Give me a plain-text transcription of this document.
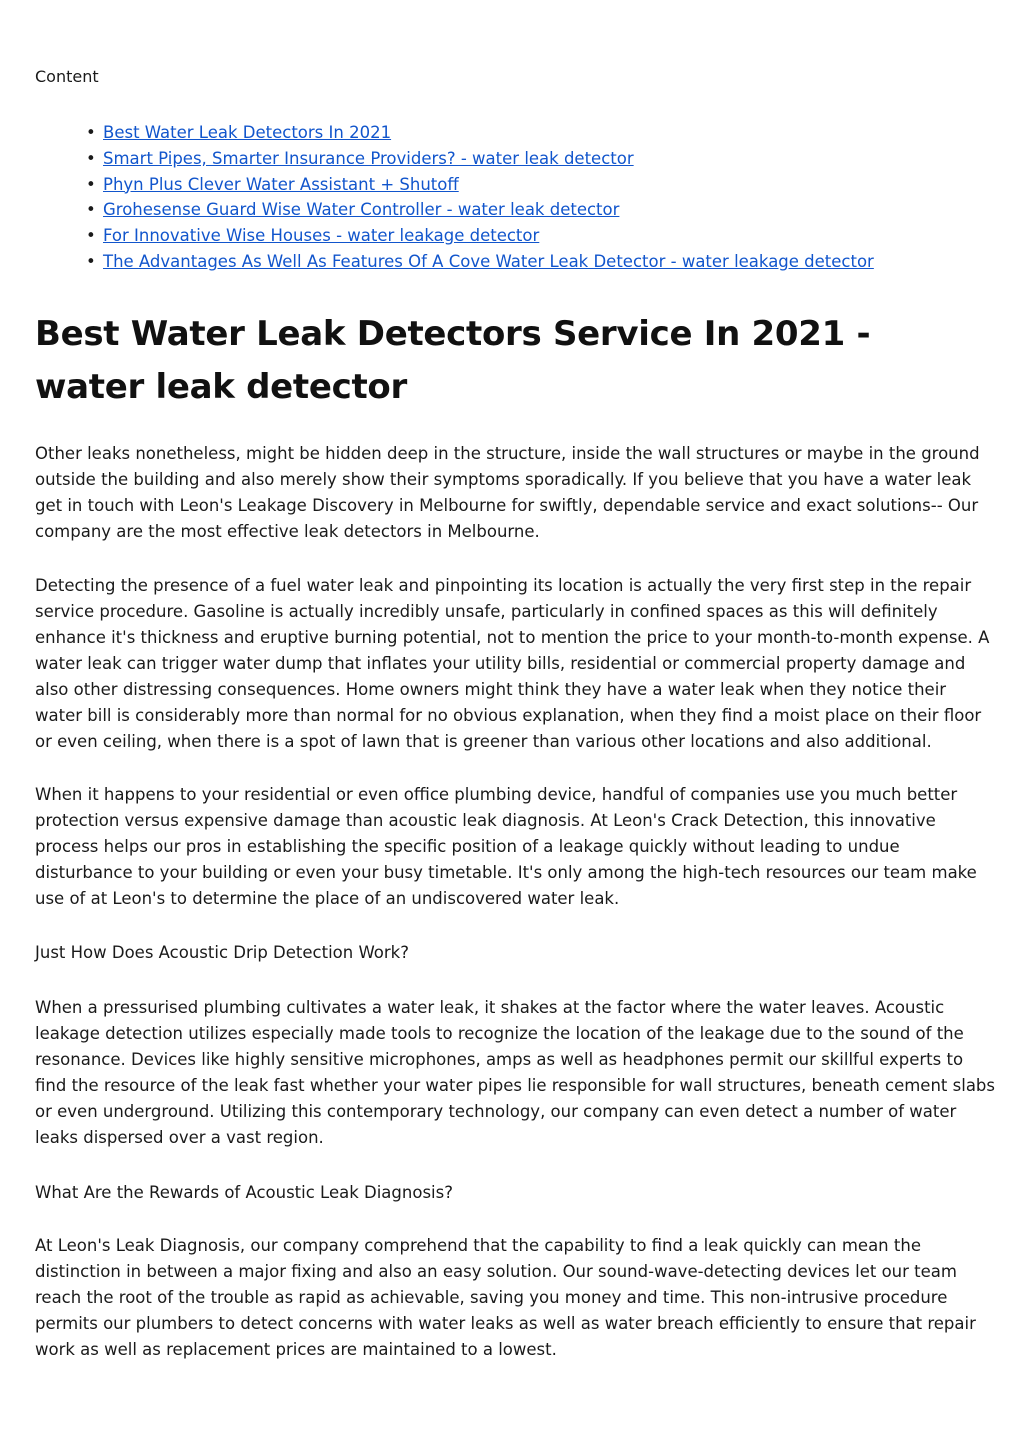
Content

• Best Water Leak Detectors In 2021
• Smart Pipes, Smarter Insurance Providers? - water leak detector
• Phyn Plus Clever Water Assistant + Shutoff
• Grohesense Guard Wise Water Controller - water leak detector
• For Innovative Wise Houses - water leakage detector
• The Advantages As Well As Features Of A Cove Water Leak Detector - water leakage detector
Best Water Leak Detectors Service In 2021 - water leak detector

Other leaks nonetheless, might be hidden deep in the structure, inside the wall structures or maybe in the ground outside the building and also merely show their symptoms sporadically. If you believe that you have a water leak get in touch with Leon's Leakage Discovery in Melbourne for swiftly, dependable service and exact solutions-- Our company are the most effective leak detectors in Melbourne.

Detecting the presence of a fuel water leak and pinpointing its location is actually the very first step in the repair service procedure. Gasoline is actually incredibly unsafe, particularly in confined spaces as this will definitely enhance it's thickness and eruptive burning potential, not to mention the price to your month-to-month expense. A water leak can trigger water dump that inflates your utility bills, residential or commercial property damage and also other distressing consequences. Home owners might think they have a water leak when they notice their water bill is considerably more than normal for no obvious explanation, when they find a moist place on their floor or even ceiling, when there is a spot of lawn that is greener than various other locations and also additional.

When it happens to your residential or even office plumbing device, handful of companies use you much better protection versus expensive damage than acoustic leak diagnosis. At Leon's Crack Detection, this innovative process helps our pros in establishing the specific position of a leakage quickly without leading to undue disturbance to your building or even your busy timetable. It's only among the high-tech resources our team make use of at Leon's to determine the place of an undiscovered water leak.

Just How Does Acoustic Drip Detection Work?

When a pressurised plumbing cultivates a water leak, it shakes at the factor where the water leaves. Acoustic leakage detection utilizes especially made tools to recognize the location of the leakage due to the sound of the resonance. Devices like highly sensitive microphones, amps as well as headphones permit our skillful experts to find the resource of the leak fast whether your water pipes lie responsible for wall structures, beneath cement slabs or even underground. Utilizing this contemporary technology, our company can even detect a number of water leaks dispersed over a vast region.

What Are the Rewards of Acoustic Leak Diagnosis?

At Leon's Leak Diagnosis, our company comprehend that the capability to find a leak quickly can mean the distinction in between a major fixing and also an easy solution. Our sound-wave-detecting devices let our team reach the root of the trouble as rapid as achievable, saving you money and time. This non-intrusive procedure permits our plumbers to detect concerns with water leaks as well as water breach efficiently to ensure that repair work as well as replacement prices are maintained to a lowest.
